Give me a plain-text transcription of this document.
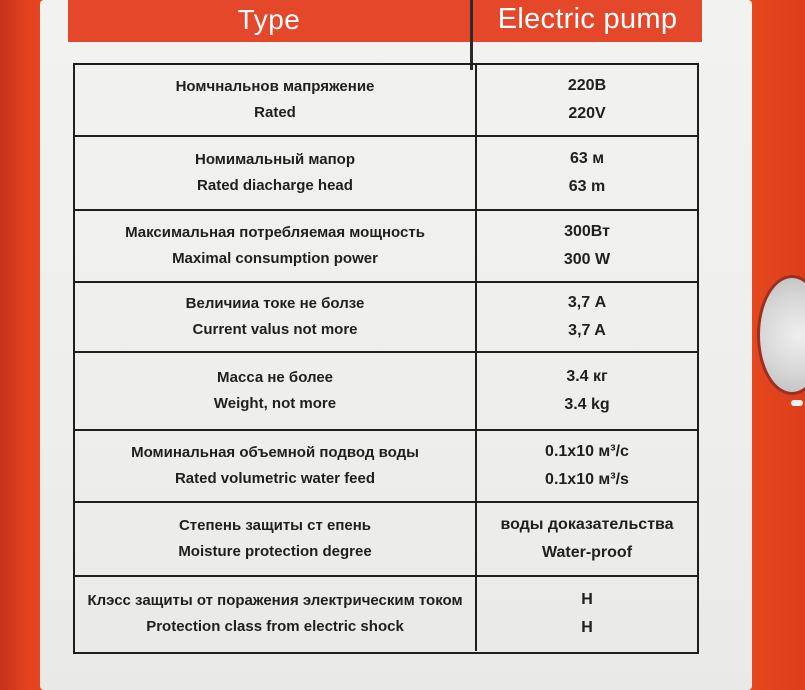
Type	Electric pump
Номчнальнов мапряжение
Rated
220В
220V
Номимальный мапор
Rated diacharge head
63 м
63 m
Максимальная потребляемая мощность
Maximal consumption power
300Вт
300 W
Величииа токе не болзе
Current valus not more
3,7 А
3,7 A
Масса не более
Weight, not more
3.4 кг
3.4 kg
Моминальная объемной подвод воды
Rated volumetric water feed
0.1x10 м³/с
0.1x10 м³/s
Степень защиты ст епень
Moisture protection degree
воды доказательства
Water-proof
Клэсс защиты от поражения электрическим током
Protection class from electric shock
H
H
